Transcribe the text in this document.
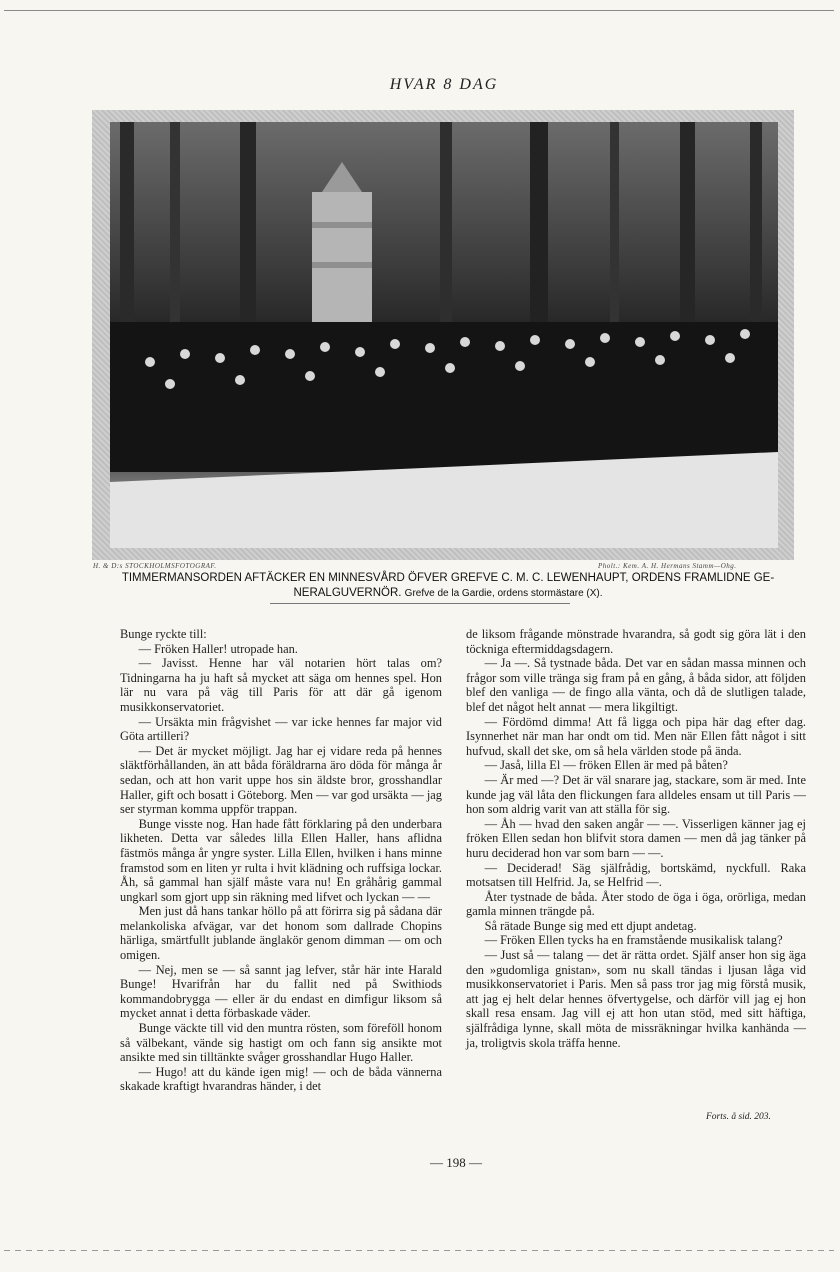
HVAR 8 DAG
H. & D:s STOCKHOLMSFOTOGRAF.	Pholt.: Kem. A. H. Hermans Stamm—Ohg.
TIMMERMANSORDEN AFTÄCKER EN MINNESVÅRD ÖFVER GREFVE C. M. C. LEWENHAUPT, ORDENS FRAMLIDNE GE-NERALGUVERNÖR. Grefve de la Gardie, ordens stormästare (X).

Bunge ryckte till:

— Fröken Haller! utropade han.

— Javisst. Henne har väl notarien hört talas om? Tidningarna ha ju haft så mycket att säga om hennes spel. Hon lär nu vara på väg till Paris för att där gå igenom musikkonservatoriet.

— Ursäkta min frågvishet — var icke hennes far major vid Göta artilleri?

— Det är mycket möjligt. Jag har ej vidare reda på hennes släktförhållanden, än att båda föräldrarna äro döda för många år sedan, och att hon varit uppe hos sin äldste bror, grosshandlar Haller, gift och bosatt i Göteborg. Men — var god ursäkta — jag ser styrman komma uppför trappan.

Bunge visste nog. Han hade fått förklaring på den underbara likheten. Detta var således lilla Ellen Haller, hans aflidna fästmös många år yngre syster. Lilla Ellen, hvilken i hans minne framstod som en liten yr rulta i hvit klädning och ruffsiga lockar. Åh, så gammal han själf måste vara nu! En gråhårig gammal ungkarl som gjort upp sin räkning med lifvet och lyckan — —

Men just då hans tankar höllo på att förirra sig på sådana där melankoliska afvägar, var det honom som dallrade Chopins härliga, smärtfullt jublande änglakör genom dimman — om och omigen.

— Nej, men se — så sannt jag lefver, står här inte Harald Bunge! Hvarifrån har du fallit ned på Swithiods kommandobrygga — eller är du endast en dimfigur liksom så mycket annat i detta förbaskade väder.

Bunge väckte till vid den muntra rösten, som föreföll honom så välbekant, vände sig hastigt om och fann sig ansikte mot ansikte med sin tilltänkte svåger grosshandlar Hugo Haller.

— Hugo! att du kände igen mig! — och de båda vännerna skakade kraftigt hvarandras händer, i det

de liksom frågande mönstrade hvarandra, så godt sig göra lät i den töckniga eftermiddagsdagern.

— Ja —. Så tystnade båda. Det var en sådan massa minnen och frågor som ville tränga sig fram på en gång, å båda sidor, att följden blef den vanliga — de fingo alla vänta, och då de slutligen talade, blef det något helt annat — mera likgiltigt.

— Fördömd dimma! Att få ligga och pipa här dag efter dag. Isynnerhet när man har ondt om tid. Men när Ellen fått något i sitt hufvud, skall det ske, om så hela världen stode på ända.

— Jaså, lilla El — fröken Ellen är med på båten?

— Är med —? Det är väl snarare jag, stackare, som är med. Inte kunde jag väl låta den flickungen fara alldeles ensam ut till Paris — hon som aldrig varit van att ställa för sig.

— Åh — hvad den saken angår — —. Visserligen känner jag ej fröken Ellen sedan hon blifvit stora damen — men då jag tänker på huru deciderad hon var som barn — —.

— Deciderad! Säg själfrådig, bortskämd, nyckfull. Raka motsatsen till Helfrid. Ja, se Helfrid —.

Åter tystnade de båda. Åter stodo de öga i öga, orörliga, medan gamla minnen trängde på.

Så rätade Bunge sig med ett djupt andetag.

— Fröken Ellen tycks ha en framstående musikalisk talang?

— Just så — talang — det är rätta ordet. Själf anser hon sig äga den »gudomliga gnistan», som nu skall tändas i ljusan låga vid musikkonservatoriet i Paris. Men så pass tror jag mig förstå musik, att jag ej helt delar hennes öfvertygelse, och därför vill jag ej hon skall resa ensam. Jag vill ej att hon utan stöd, med sitt häftiga, själfrådiga lynne, skall möta de missräkningar hvilka kanhända — ja, troligtvis skola träffa henne.

Forts. å sid. 203.
— 198 —
